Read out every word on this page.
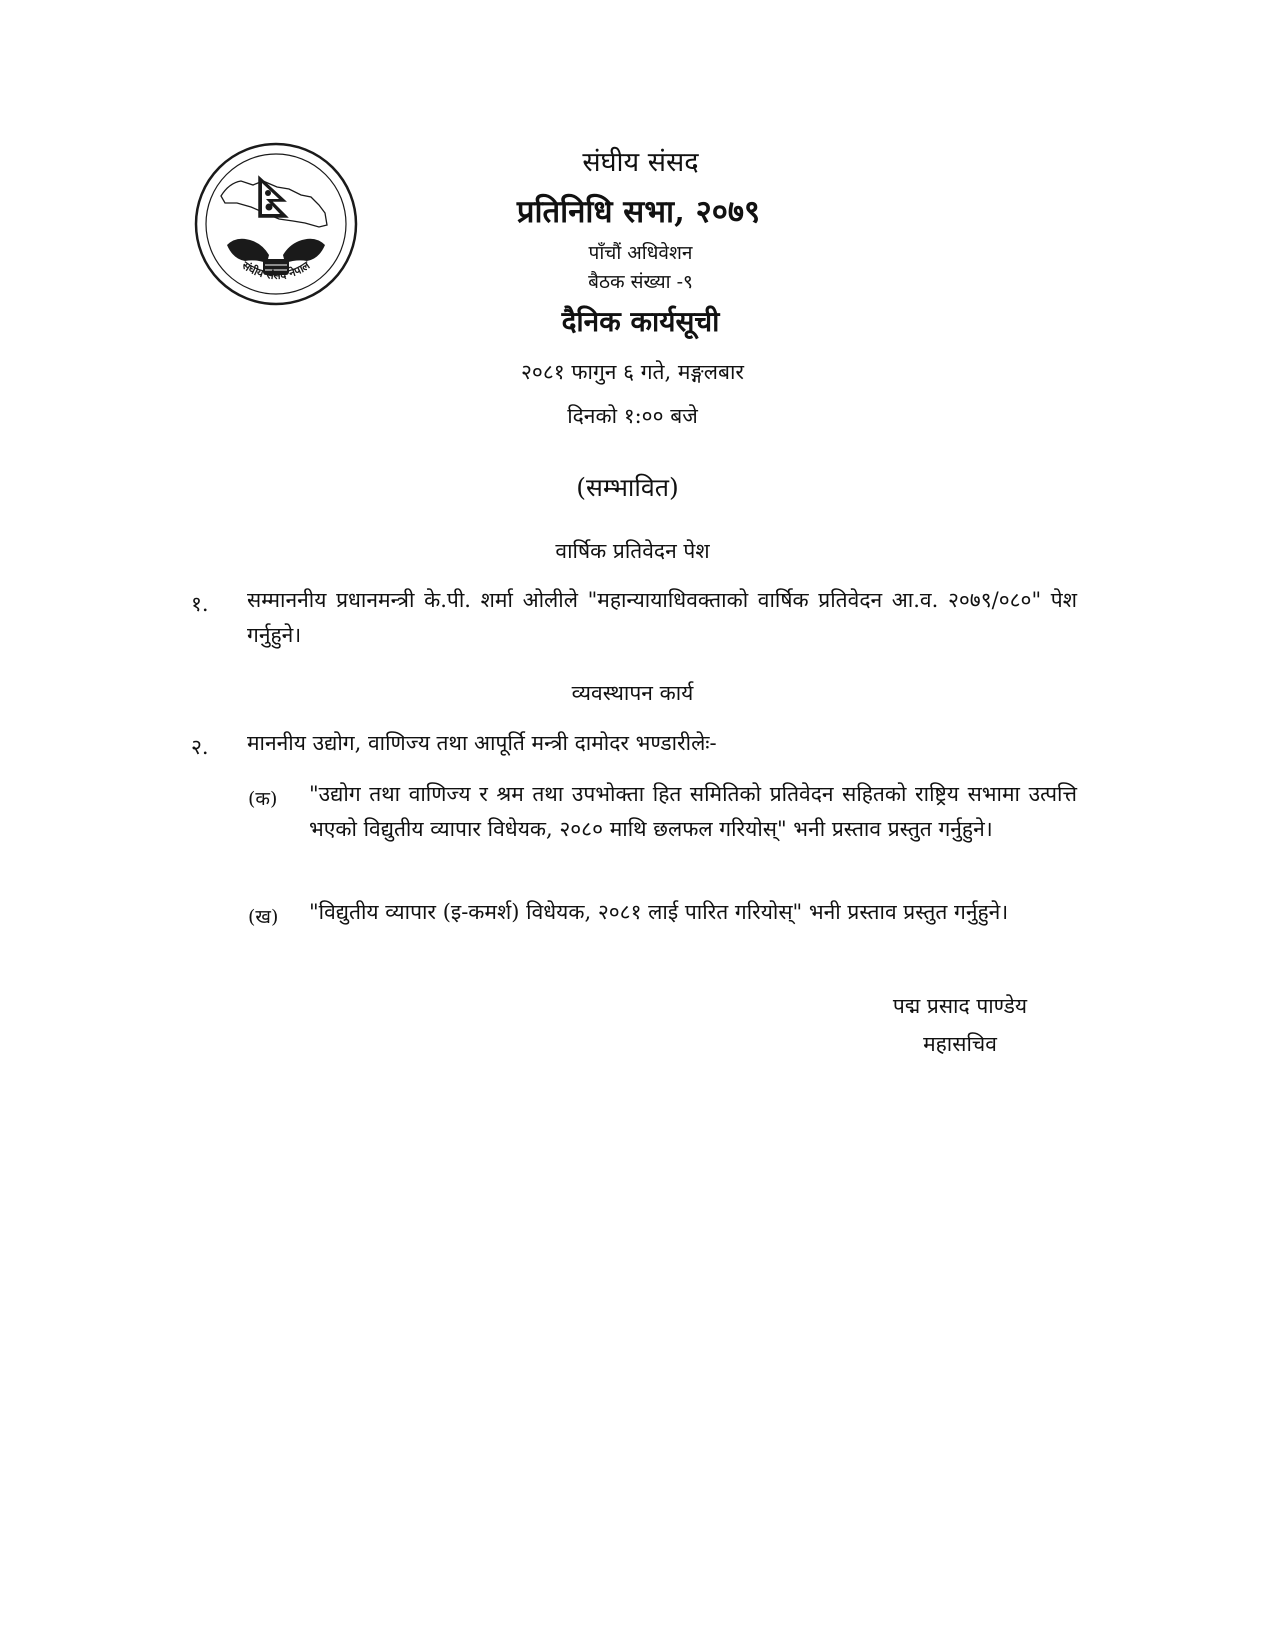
संघीय संसद नेपाल
संघीय संसद
प्रतिनिधि सभा, २०७९
पाँचौं अधिवेशन
बैठक संख्या -९
दैनिक कार्यसूची
२०८१ फागुन ६ गते, मङ्गलबार
दिनको १:०० बजे
(सम्भावित)
वार्षिक प्रतिवेदन पेश
१. सम्माननीय प्रधानमन्त्री के.पी. शर्मा ओलीले "महान्यायाधिवक्ताको वार्षिक प्रतिवेदन आ.व. २०७९/०८०" पेश गर्नुहुने।
व्यवस्थापन कार्य
२. माननीय उद्योग, वाणिज्य तथा आपूर्ति मन्त्री दामोदर भण्डारीलेः-
(क) "उद्योग तथा वाणिज्य र श्रम तथा उपभोक्ता हित समितिको प्रतिवेदन सहितको राष्ट्रिय सभामा उत्पत्ति भएको विद्युतीय व्यापार विधेयक, २०८० माथि छलफल गरियोस्" भनी प्रस्ताव प्रस्तुत गर्नुहुने।
(ख) "विद्युतीय व्यापार (इ-कमर्श) विधेयक, २०८१ लाई पारित गरियोस्" भनी प्रस्ताव प्रस्तुत गर्नुहुने।
पद्म प्रसाद पाण्डेय
महासचिव
